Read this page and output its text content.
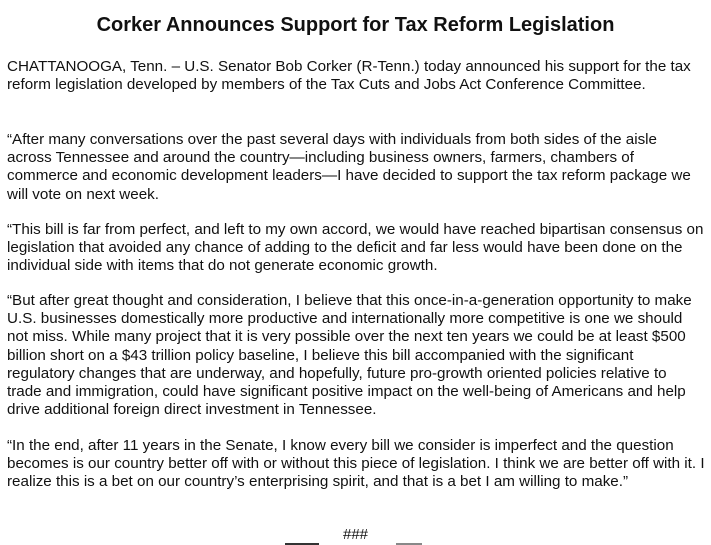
Corker Announces Support for Tax Reform Legislation

CHATTANOOGA, Tenn. – U.S. Senator Bob Corker (R-Tenn.) today announced his support for the tax reform legislation developed by members of the Tax Cuts and Jobs Act Conference Committee.

“After many conversations over the past several days with individuals from both sides of the aisle across Tennessee and around the country—including business owners, farmers, chambers of commerce and economic development leaders—I have decided to support the tax reform package we will vote on next week.

“This bill is far from perfect, and left to my own accord, we would have reached bipartisan consensus on legislation that avoided any chance of adding to the deficit and far less would have been done on the individual side with items that do not generate economic growth.

“But after great thought and consideration, I believe that this once-in-a-generation opportunity to make U.S. businesses domestically more productive and internationally more competitive is one we should not miss. While many project that it is very possible over the next ten years we could be at least $500 billion short on a $43 trillion policy baseline, I believe this bill accompanied with the significant regulatory changes that are underway, and hopefully, future pro-growth oriented policies relative to trade and immigration, could have significant positive impact on the well-being of Americans and help drive additional foreign direct investment in Tennessee.

“In the end, after 11 years in the Senate, I know every bill we consider is imperfect and the question becomes is our country better off with or without this piece of legislation. I think we are better off with it. I realize this is a bet on our country’s enterprising spirit, and that is a bet I am willing to make.”

###
